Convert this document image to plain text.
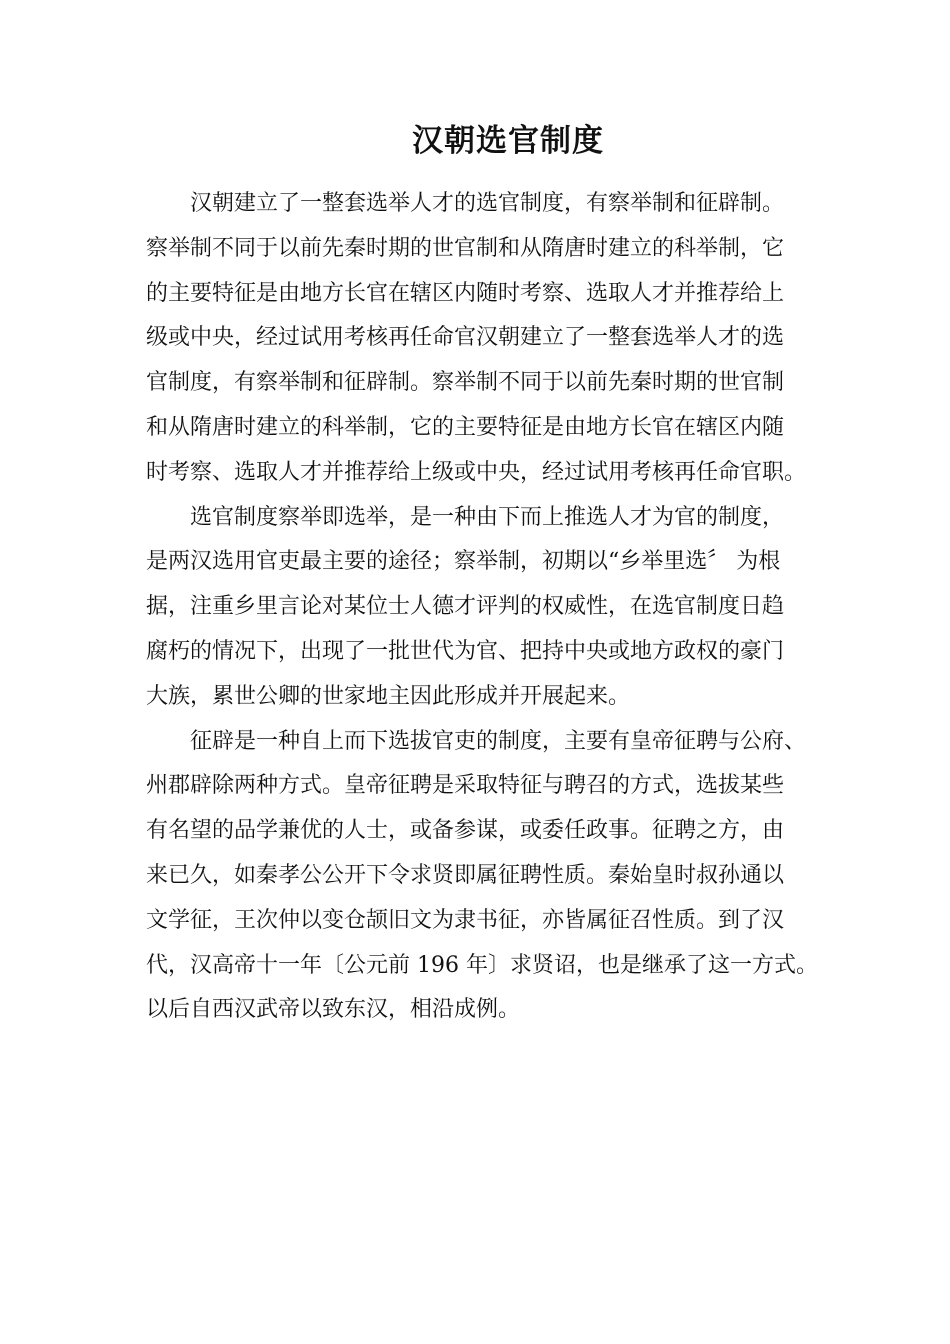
汉朝选官制度
汉朝建立了一整套选举人才的选官制度，有察举制和征辟制。
察举制不同于以前先秦时期的世官制和从隋唐时建立的科举制，它
的主要特征是由地方长官在辖区内随时考察、选取人才并推荐给上
级或中央，经过试用考核再任命官汉朝建立了一整套选举人才的选
官制度，有察举制和征辟制。察举制不同于以前先秦时期的世官制
和从隋唐时建立的科举制，它的主要特征是由地方长官在辖区内随
时考察、选取人才并推荐给上级或中央，经过试用考核再任命官职。
选官制度察举即选举，是一种由下而上推选人才为官的制度，
是两汉选用官吏最主要的途径；察举制，初期以“乡举里选〞 为根
据，注重乡里言论对某位士人德才评判的权威性，在选官制度日趋
腐朽的情况下，出现了一批世代为官、把持中央或地方政权的豪门
大族，累世公卿的世家地主因此形成并开展起来。
征辟是一种自上而下选拔官吏的制度，主要有皇帝征聘与公府、
州郡辟除两种方式。皇帝征聘是采取特征与聘召的方式，选拔某些
有名望的品学兼优的人士，或备参谋，或委任政事。征聘之方，由
来已久，如秦孝公公开下令求贤即属征聘性质。秦始皇时叔孙通以
文学征，王次仲以变仓颉旧文为隶书征，亦皆属征召性质。到了汉
代，汉高帝十一年〔公元前 196 年〕求贤诏，也是继承了这一方式。
以后自西汉武帝以致东汉，相沿成例。
